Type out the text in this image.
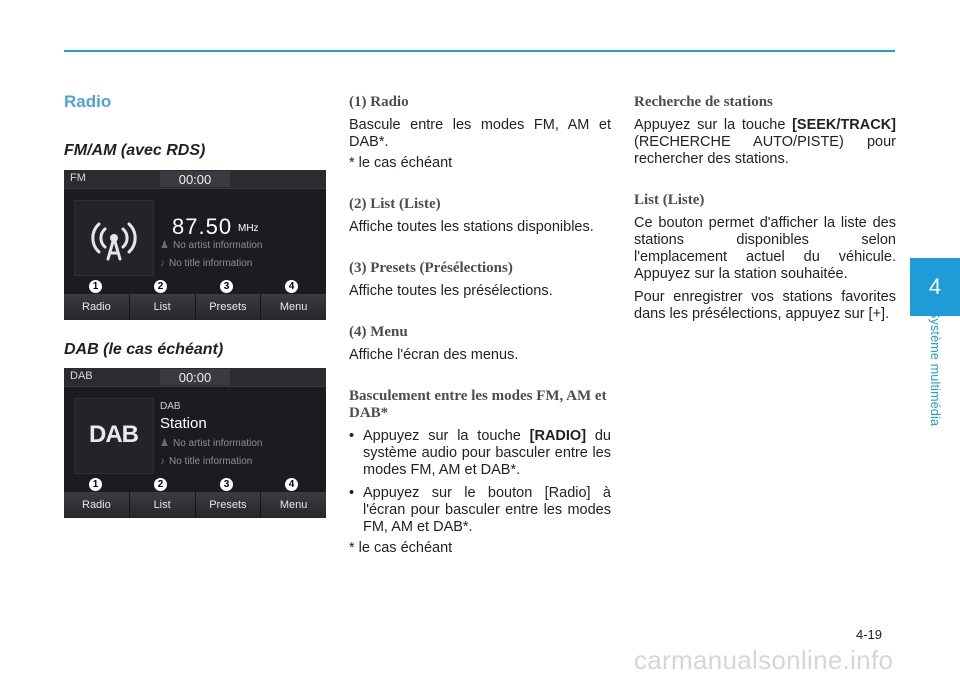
4
Système multimédia
Radio
FM/AM (avec RDS)
FM	00:00
87.50 MHz
♟ No artist information
♪ No title information
1	2	3	4
Radio	List	Presets	Menu
DAB (le cas échéant)
DAB	00:00
DAB
DAB
Station
♟ No artist information
♪ No title information
1	2	3	4
Radio	List	Presets	Menu
(1) Radio

Bascule entre les modes FM, AM et DAB*.

* le cas échéant

(2) List (Liste)

Affiche toutes les stations disponibles.

(3) Presets (Présélections)

Affiche toutes les présélections.

(4) Menu

Affiche l'écran des menus.

Basculement entre les modes FM, AM et DAB*
• Appuyez sur la touche [RADIO] du système audio pour basculer entre les modes FM, AM et DAB*.
• Appuyez sur le bouton [Radio] à l'écran pour basculer entre les modes FM, AM et DAB*.

* le cas échéant

Recherche de stations

Appuyez sur la touche [SEEK/TRACK] (RECHERCHE AUTO/PISTE) pour rechercher des stations.

List (Liste)

Ce bouton permet d'afficher la liste des stations disponibles selon l'emplacement actuel du véhicule. Appuyez sur la station souhaitée.

Pour enregistrer vos stations favorites dans les présélections, appuyez sur [+].

4-19
carmanualsonline.info
